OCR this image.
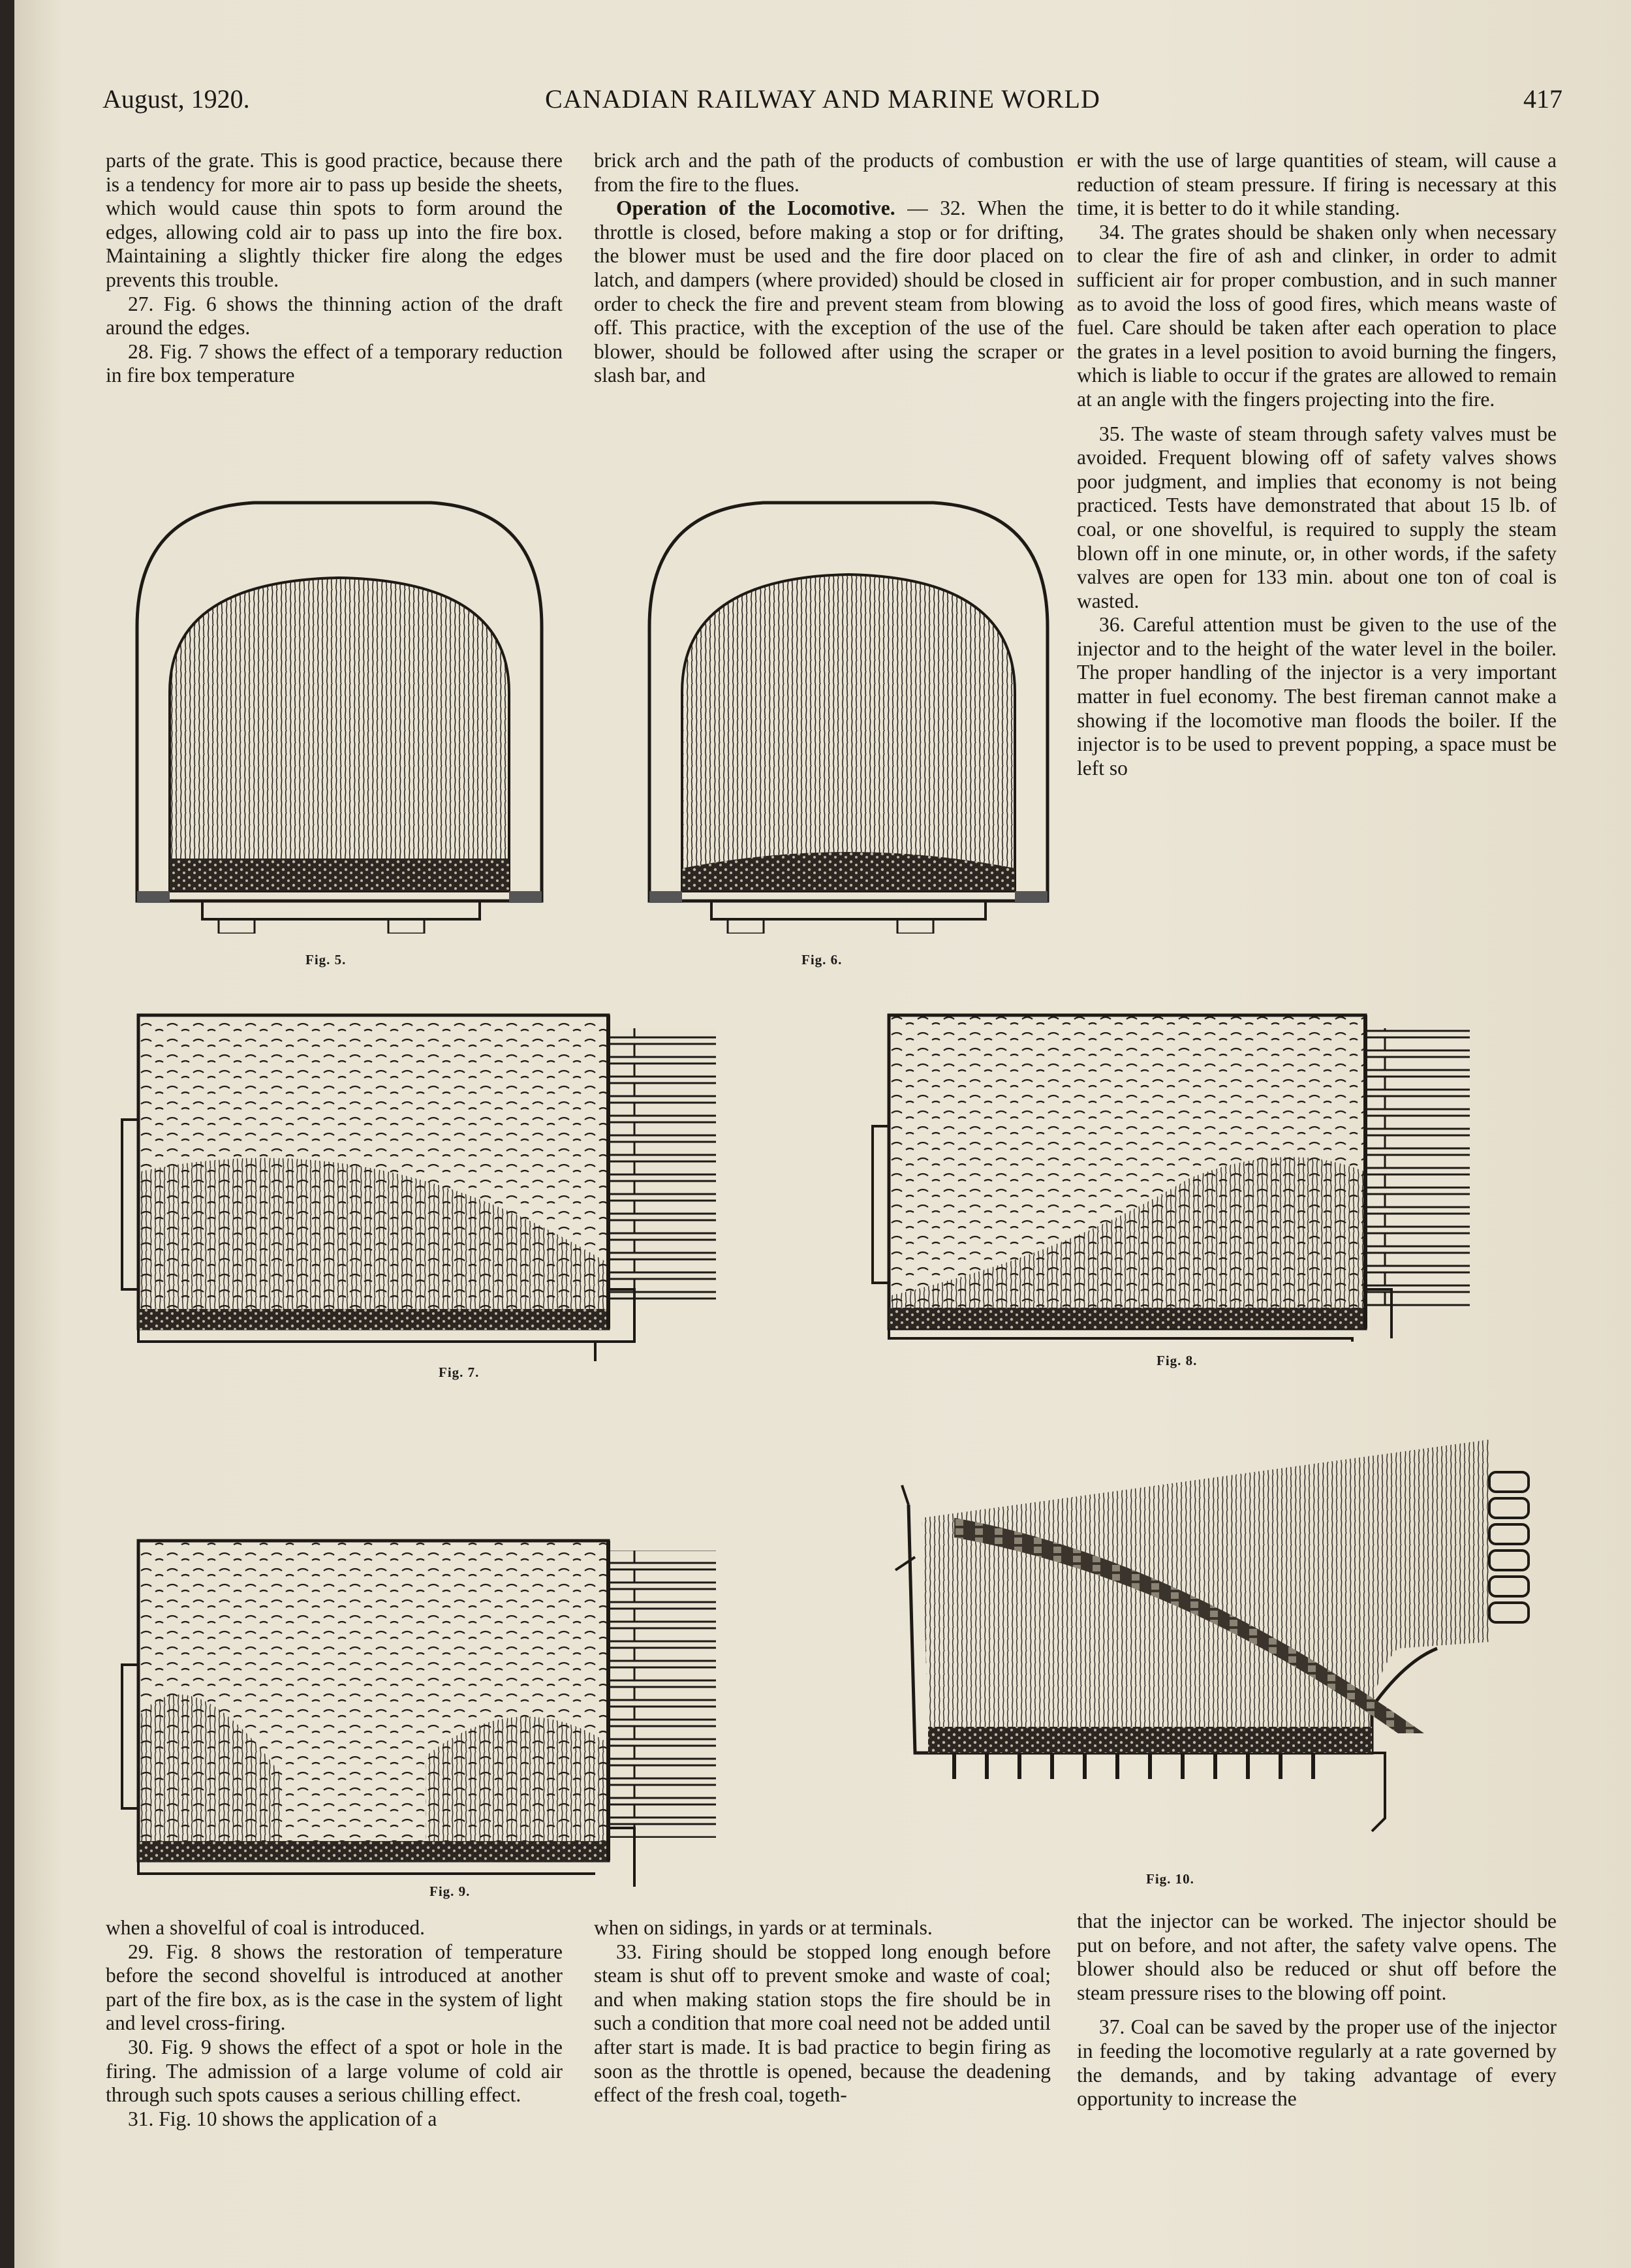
August, 1920.	CANADIAN RAILWAY AND MARINE WORLD	417

parts of the grate. This is good practice, because there is a tendency for more air to pass up beside the sheets, which would cause thin spots to form around the edges, allowing cold air to pass up into the fire box. Maintaining a slightly thicker fire along the edges prevents this trouble.

27. Fig. 6 shows the thinning action of the draft around the edges.

28. Fig. 7 shows the effect of a temporary reduction in fire box temperature

brick arch and the path of the products of combustion from the fire to the flues.

Operation of the Locomotive. — 32. When the throttle is closed, before making a stop or for drifting, the blower must be used and the fire door placed on latch, and dampers (where provided) should be closed in order to check the fire and prevent steam from blowing off. This practice, with the exception of the use of the blower, should be followed after using the scraper or slash bar, and

er with the use of large quantities of steam, will cause a reduction of steam pressure. If firing is necessary at this time, it is better to do it while standing.

34. The grates should be shaken only when necessary to clear the fire of ash and clinker, in order to admit sufficient air for proper combustion, and in such manner as to avoid the loss of good fires, which means waste of fuel. Care should be taken after each operation to place the grates in a level position to avoid burning the fingers, which is liable to occur if the grates are allowed to remain at an angle with the fingers projecting into the fire.

35. The waste of steam through safety valves must be avoided. Frequent blowing off of safety valves shows poor judgment, and implies that economy is not being practiced. Tests have demonstrated that about 15 lb. of coal, or one shovelful, is required to supply the steam blown off in one minute, or, in other words, if the safety valves are open for 133 min. about one ton of coal is wasted.

36. Careful attention must be given to the use of the injector and to the height of the water level in the boiler. The proper handling of the injector is a very important matter in fuel economy. The best fireman cannot make a showing if the locomotive man floods the boiler. If the injector is to be used to prevent popping, a space must be left so

Fig. 5.	Fig. 6.
Fig. 7.
Fig. 8.
Fig. 9.
Fig. 10.

when a shovelful of coal is introduced.

29. Fig. 8 shows the restoration of temperature before the second shovelful is introduced at another part of the fire box, as is the case in the system of light and level cross-firing.

30. Fig. 9 shows the effect of a spot or hole in the firing. The admission of a large volume of cold air through such spots causes a serious chilling effect.

31. Fig. 10 shows the application of a

when on sidings, in yards or at terminals.

33. Firing should be stopped long enough before steam is shut off to prevent smoke and waste of coal; and when making station stops the fire should be in such a condition that more coal need not be added until after start is made. It is bad practice to begin firing as soon as the throttle is opened, because the deadening effect of the fresh coal, togeth-

that the injector can be worked. The injector should be put on before, and not after, the safety valve opens. The blower should also be reduced or shut off before the steam pressure rises to the blowing off point.

37. Coal can be saved by the proper use of the injector in feeding the locomotive regularly at a rate governed by the demands, and by taking advantage of every opportunity to increase the
